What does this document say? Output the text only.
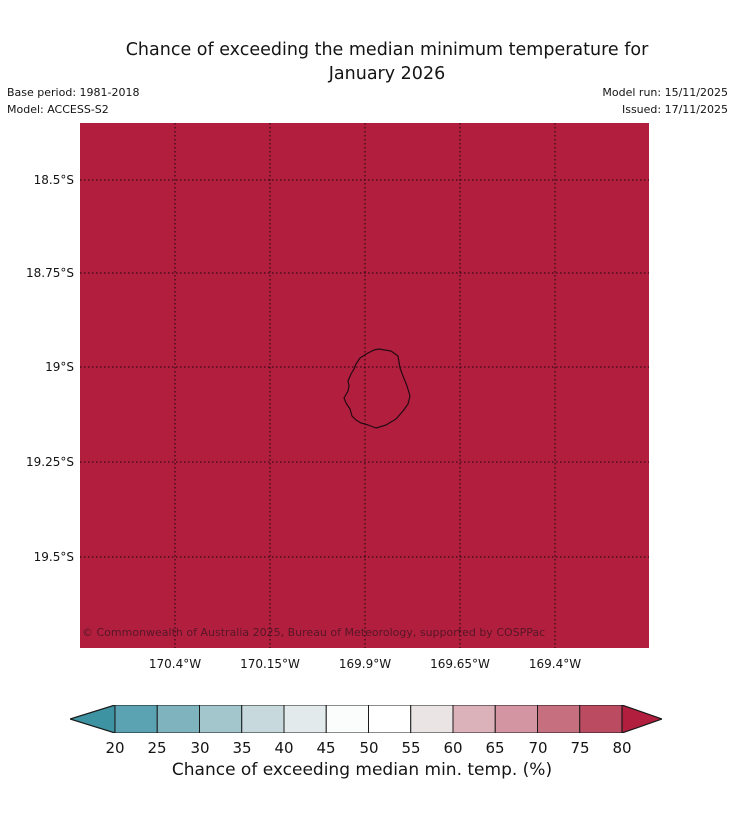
Chance of exceeding the median minimum temperature for
January 2026
Base period: 1981-2018
Model: ACCESS-S2
Model run: 15/11/2025
Issued: 17/11/2025
© Commonwealth of Australia 2025, Bureau of Meteorology, supported by COSPPac
18.5°S
18.75°S
19°S
19.25°S
19.5°S
170.4°W	170.15°W	169.9°W	169.65°W	169.4°W
20	25	30	35	40	45	50	55	60	65	70	75	80
Chance of exceeding median min. temp. (%)
